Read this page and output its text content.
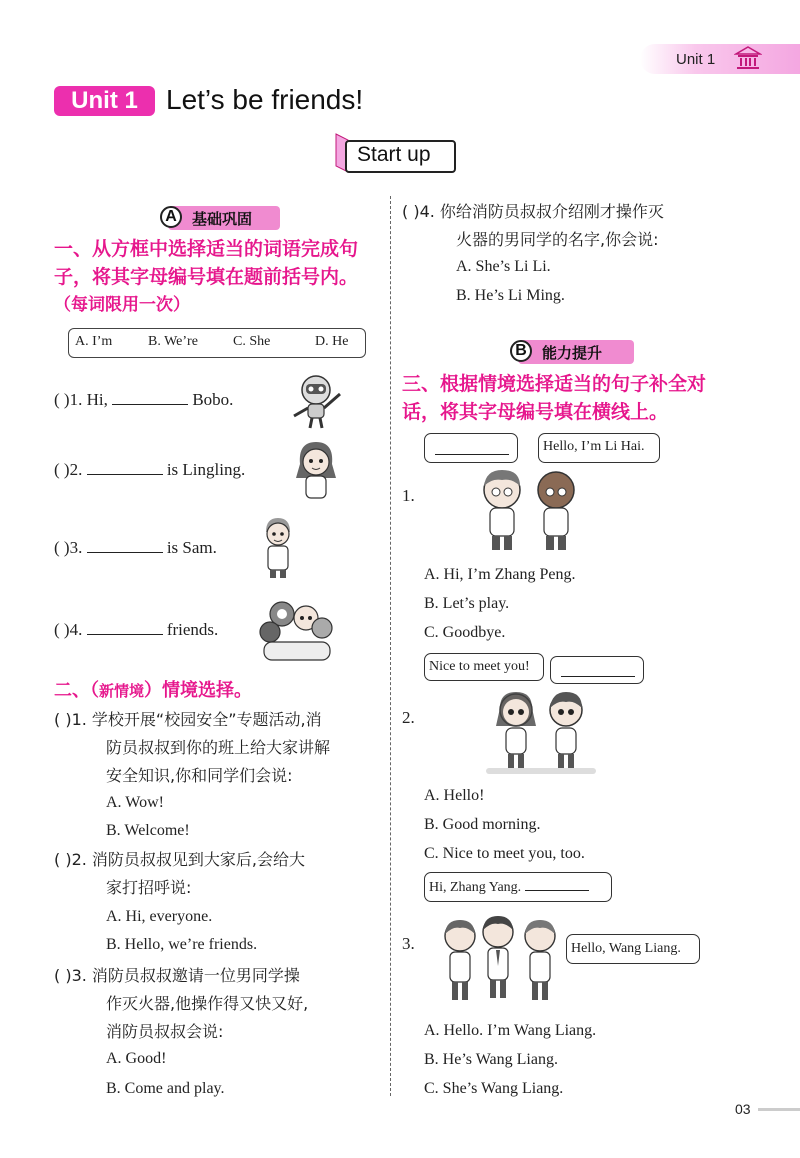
Unit 1
Unit 1	Let’s be friends!
Start up
A	基础巩固
一、从方框中选择适当的词语完成句
子，将其字母编号填在题前括号内。
（每词限用一次）
A. I’m	B. We’re	C. She	D. He
( )1. Hi,	Bobo.
( )2.	is Lingling.
( )3.	is Sam.
( )4.	friends.
二、（新情境）情境选择。
( )1. 学校开展“校园安全”专题活动,消
防员叔叔到你的班上给大家讲解
安全知识,你和同学们会说:
A. Wow!
B. Welcome!
( )2. 消防员叔叔见到大家后,会给大
家打招呼说:
A. Hi, everyone.
B. Hello, we’re friends.
( )3. 消防员叔叔邀请一位男同学操
作灭火器,他操作得又快又好,
消防员叔叔会说:
A. Good!
B. Come and play.
( )4. 你给消防员叔叔介绍刚才操作灭
火器的男同学的名字,你会说:
A. She’s Li Li.
B. He’s Li Ming.
B	能力提升
三、根据情境选择适当的句子补全对
话，将其字母编号填在横线上。
Hello, I’m Li Hai.
1.
A. Hi, I’m Zhang Peng.
B. Let’s play.
C. Goodbye.
Nice to meet you!
2.
A. Hello!
B. Good morning.
C. Nice to meet you, too.
Hi, Zhang Yang.
Hello, Wang Liang.
3.
A. Hello. I’m Wang Liang.
B. He’s Wang Liang.
C. She’s Wang Liang.
03
